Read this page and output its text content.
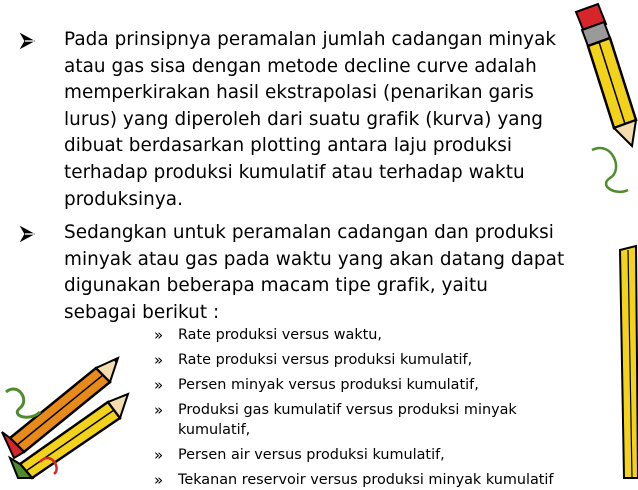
Pada prinsipnya peramalan jumlah cadangan minyak
atau gas sisa dengan metode decline curve adalah
memperkirakan hasil ekstrapolasi (penarikan garis
lurus) yang diperoleh dari suatu grafik (kurva) yang
dibuat berdasarkan plotting antara laju produksi
terhadap produksi kumulatif atau terhadap waktu
produksinya.
Sedangkan untuk peramalan cadangan dan produksi
minyak atau gas pada waktu yang akan datang dapat
digunakan beberapa macam tipe grafik, yaitu
sebagai berikut :
» Rate produksi versus waktu,
» Rate produksi versus produksi kumulatif,
» Persen minyak versus produksi kumulatif,
» Produksi gas kumulatif versus produksi minyak
kumulatif,
» Persen air versus produksi kumulatif,
» Tekanan reservoir versus produksi minyak kumulatif
